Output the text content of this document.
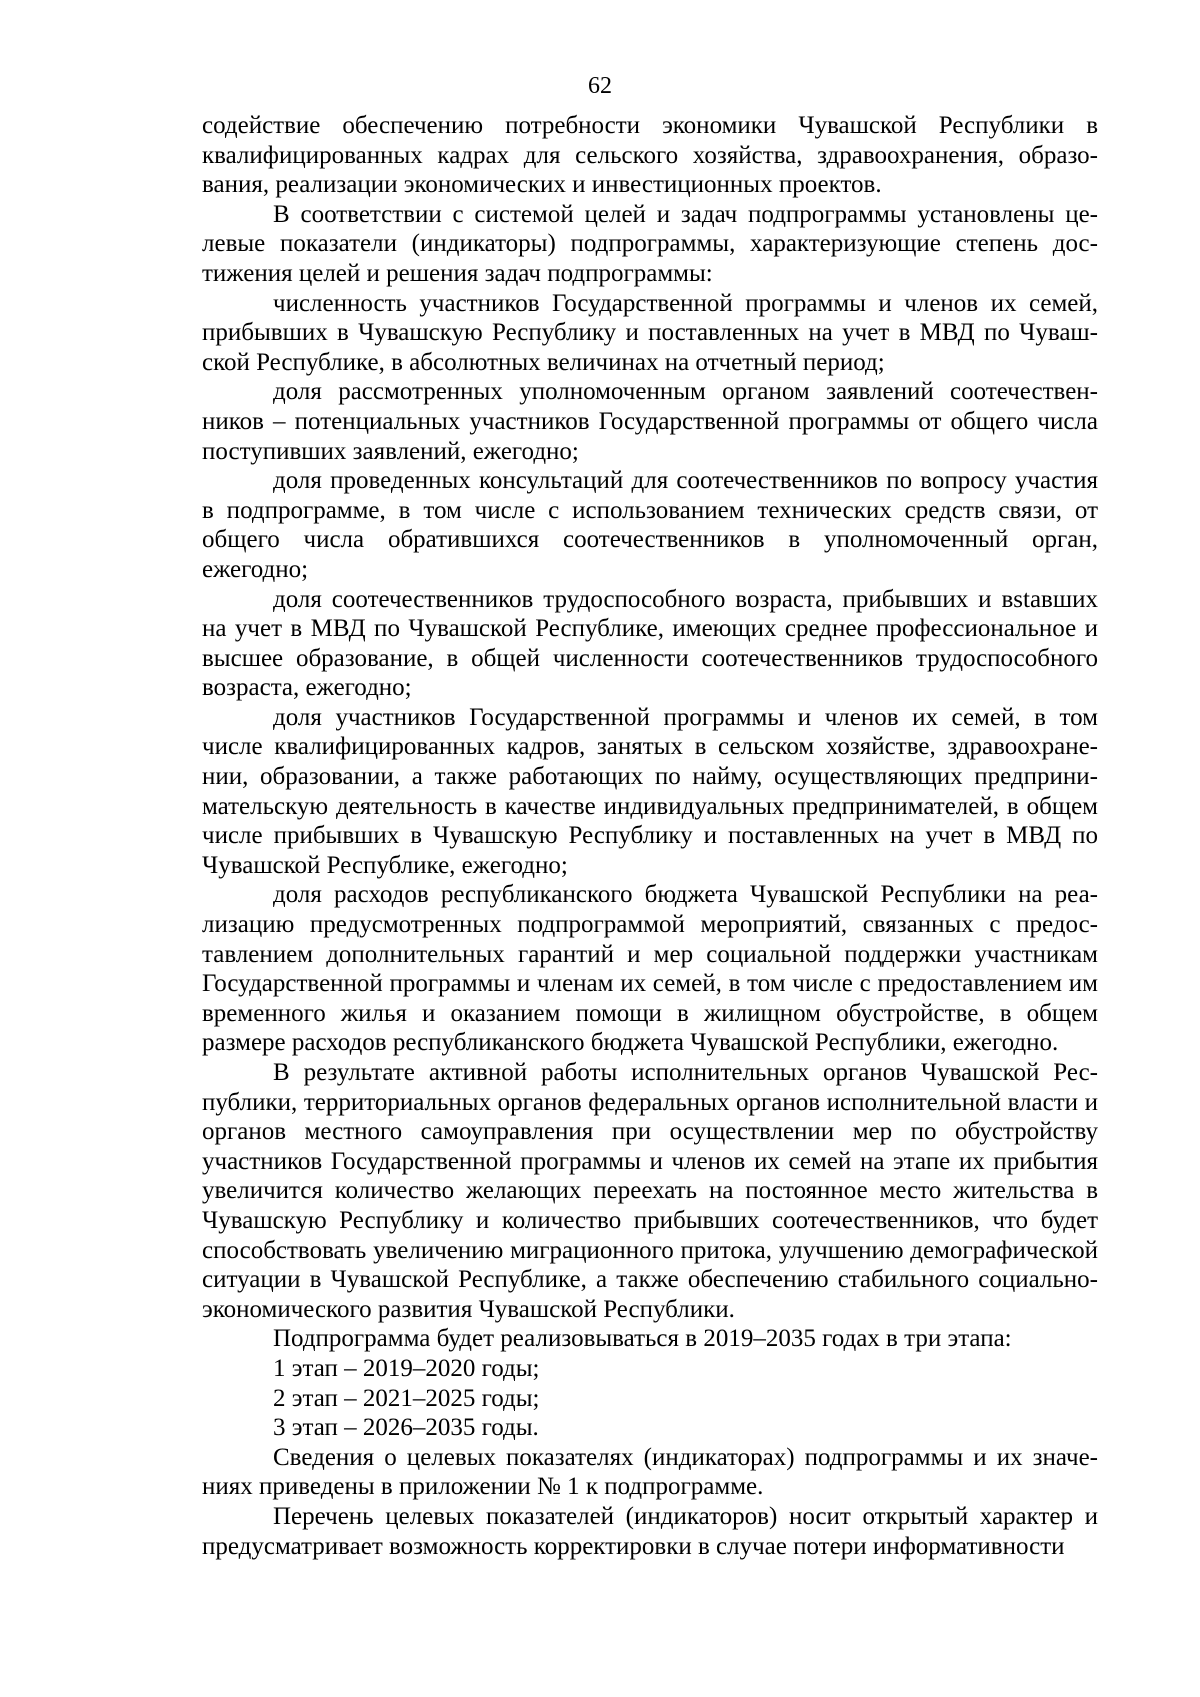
62

содействие обеспечению потребности экономики Чувашской Республики в квалифицированных кадрах для сельского хозяйства, здравоохранения, образования, реализации экономических и инвестиционных проектов.

В соответствии с системой целей и задач подпрограммы установлены целевые показатели (индикаторы) подпрограммы, характеризующие степень достижения целей и решения задач подпрограммы:

численность участников Государственной программы и членов их семей, прибывших в Чувашскую Республику и поставленных на учет в МВД по Чувашской Республике, в абсолютных величинах на отчетный период;

доля рассмотренных уполномоченным органом заявлений соотечественников – потенциальных участников Государственной программы от общего числа поступивших заявлений, ежегодно;

доля проведенных консультаций для соотечественников по вопросу участия в подпрограмме, в том числе с использованием технических средств связи, от общего числа обратившихся соотечественников в уполномоченный орган, ежегодно;

доля соотечественников трудоспособного возраста, прибывших и вstавших на учет в МВД по Чувашской Республике, имеющих среднее профессиональное и высшее образование, в общей численности соотечественников трудоспособного возраста, ежегодно;

доля участников Государственной программы и членов их семей, в том числе квалифицированных кадров, занятых в сельском хозяйстве, здравоохранении, образовании, а также работающих по найму, осуществляющих предпринимательскую деятельность в качестве индивидуальных предпринимателей, в общем числе прибывших в Чувашскую Республику и поставленных на учет в МВД по Чувашской Республике, ежегодно;

доля расходов республиканского бюджета Чувашской Республики на реализацию предусмотренных подпрограммой мероприятий, связанных с предоставлением дополнительных гарантий и мер социальной поддержки участникам Государственной программы и членам их семей, в том числе с предоставлением им временного жилья и оказанием помощи в жилищном обустройстве, в общем размере расходов республиканского бюджета Чувашской Республики, ежегодно.

В результате активной работы исполнительных органов Чувашской Республики, территориальных органов федеральных органов исполнительной власти и органов местного самоуправления при осуществлении мер по обустройству участников Государственной программы и членов их семей на этапе их прибытия увеличится количество желающих переехать на постоянное место жительства в Чувашскую Республику и количество прибывших соотечественников, что будет способствовать увеличению миграционного притока, улучшению демографической ситуации в Чувашской Республике, а также обеспечению стабильного социально-экономического развития Чувашской Республики.

Подпрограмма будет реализовываться в 2019–2035 годах в три этапа:

1 этап – 2019–2020 годы;

2 этап – 2021–2025 годы;

3 этап – 2026–2035 годы.

Сведения о целевых показателях (индикаторах) подпрограммы и их значениях приведены в приложении № 1 к подпрограмме.

Перечень целевых показателей (индикаторов) носит открытый характер и предусматривает возможность корректировки в случае потери информативности
